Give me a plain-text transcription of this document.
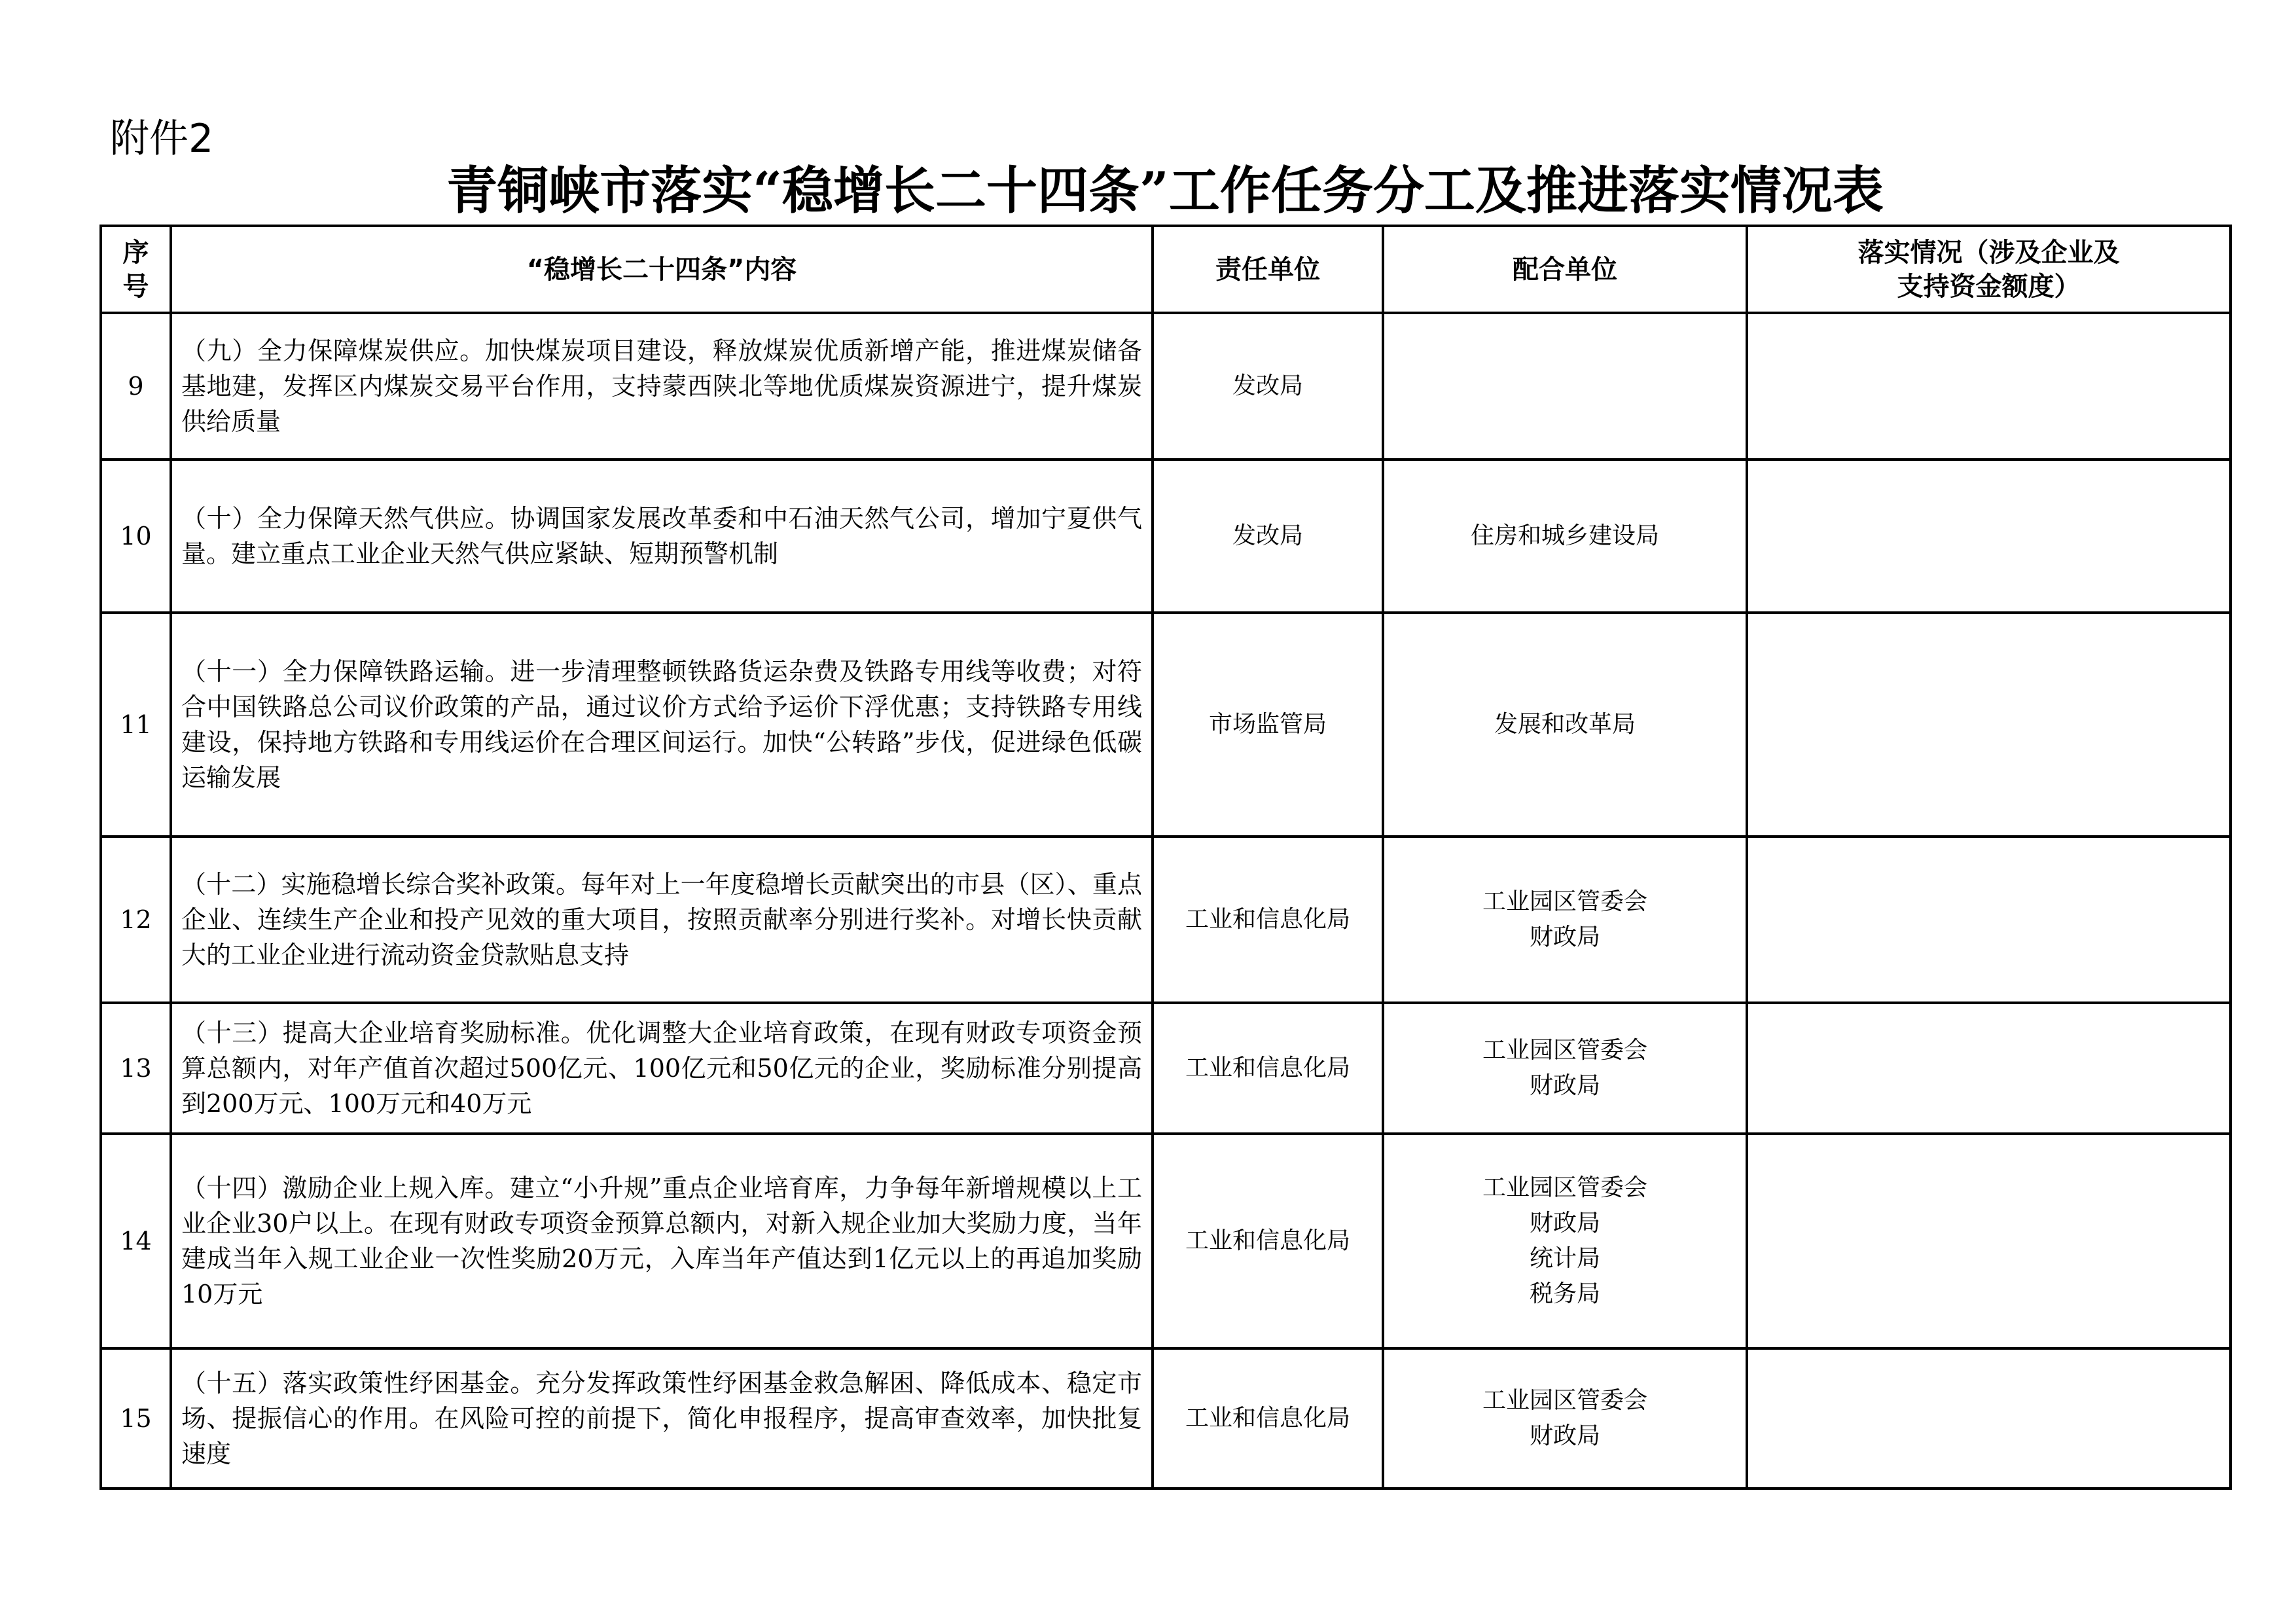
附件2
青铜峡市落实“稳增长二十四条”工作任务分工及推进落实情况表
序号	“稳增长二十四条”内容	责任单位	配合单位	落实情况（涉及企业及
支持资金额度）

9	（九）全力保障煤炭供应。加快煤炭项目建设，释放煤炭优质新增产能，推进煤炭储备基地建，发挥区内煤炭交易平台作用，支持蒙西陕北等地优质煤炭资源进宁，提升煤炭供给质量	发改局		
10	（十）全力保障天然气供应。协调国家发展改革委和中石油天然气公司，增加宁夏供气量。建立重点工业企业天然气供应紧缺、短期预警机制	发改局	住房和城乡建设局	

11	（十一）全力保障铁路运输。进一步清理整顿铁路货运杂费及铁路专用线等收费；对符合中国铁路总公司议价政策的产品，通过议价方式给予运价下浮优惠；支持铁路专用线建设，保持地方铁路和专用线运价在合理区间运行。加快“公转路”步伐，促进绿色低碳运输发展	市场监管局	发展和改革局	

12	（十二）实施稳增长综合奖补政策。每年对上一年度稳增长贡献突出的市县（区）、重点企业、连续生产企业和投产见效的重大项目，按照贡献率分别进行奖补。对增长快贡献大的工业企业进行流动资金贷款贴息支持	工业和信息化局	工业园区管委会
财政局	

13	（十三）提高大企业培育奖励标准。优化调整大企业培育政策，在现有财政专项资金预算总额内，对年产值首次超过500亿元、100亿元和50亿元的企业，奖励标准分别提高到200万元、100万元和40万元	工业和信息化局	工业园区管委会
财政局	

14	（十四）激励企业上规入库。建立“小升规”重点企业培育库，力争每年新增规模以上工业企业30户以上。在现有财政专项资金预算总额内，对新入规企业加大奖励力度，当年建成当年入规工业企业一次性奖励20万元，入库当年产值达到1亿元以上的再追加奖励10万元	工业和信息化局	工业园区管委会
财政局
统计局
税务局	

15	（十五）落实政策性纾困基金。充分发挥政策性纾困基金救急解困、降低成本、稳定市场、提振信心的作用。在风险可控的前提下，简化申报程序，提高审查效率，加快批复速度	工业和信息化局	工业园区管委会
财政局	
